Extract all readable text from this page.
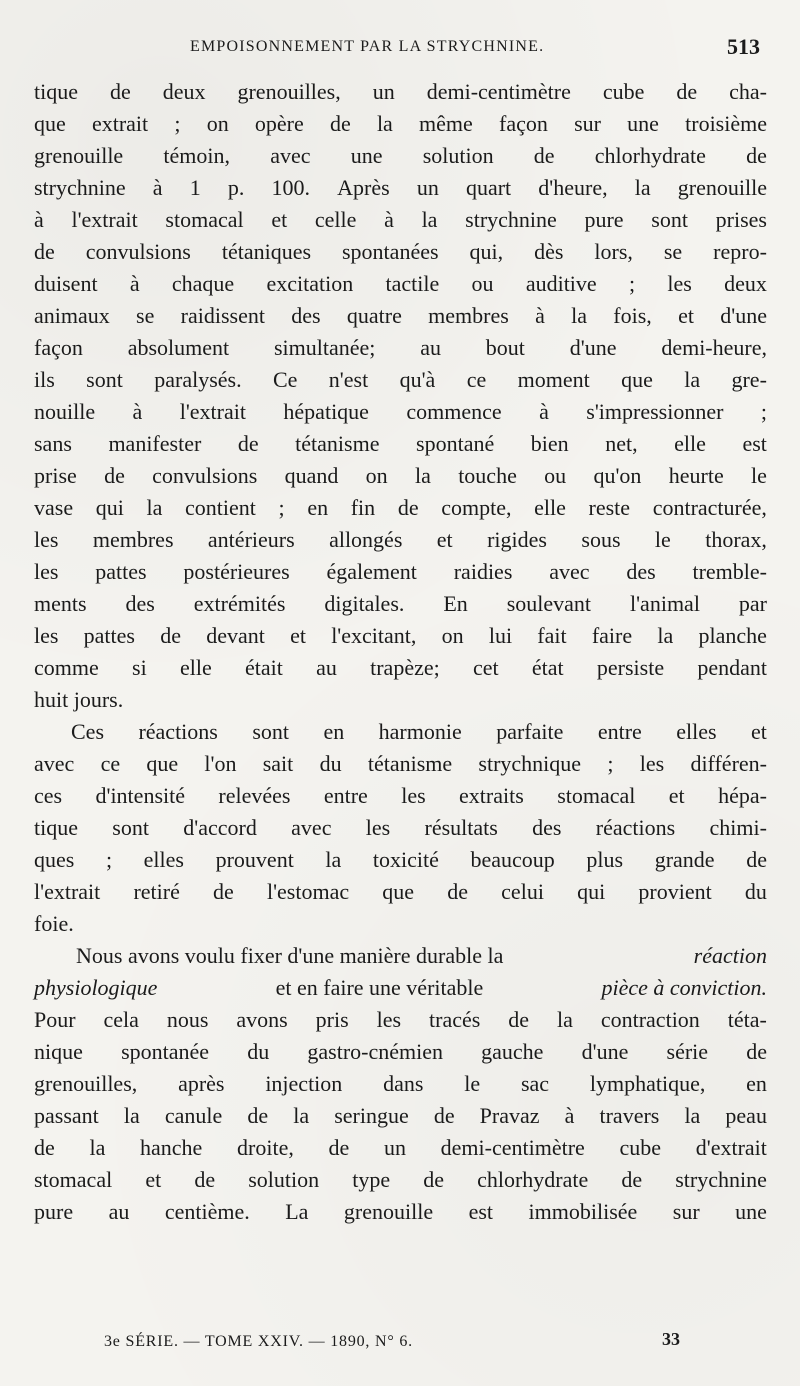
EMPOISONNEMENT PAR LA STRYCHNINE.	513
tique de deux grenouilles, un demi-centimètre cube de cha-
que extrait ; on opère de la même façon sur une troisième
grenouille témoin, avec une solution de chlorhydrate de
strychnine à 1 p. 100. Après un quart d'heure, la grenouille
à l'extrait stomacal et celle à la strychnine pure sont prises
de convulsions tétaniques spontanées qui, dès lors, se repro-
duisent à chaque excitation tactile ou auditive ; les deux
animaux se raidissent des quatre membres à la fois, et d'une
façon absolument simultanée; au bout d'une demi-heure,
ils sont paralysés. Ce n'est qu'à ce moment que la gre-
nouille à l'extrait hépatique commence à s'impressionner ;
sans manifester de tétanisme spontané bien net, elle est
prise de convulsions quand on la touche ou qu'on heurte le
vase qui la contient ; en fin de compte, elle reste contracturée,
les membres antérieurs allongés et rigides sous le thorax,
les pattes postérieures également raidies avec des tremble-
ments des extrémités digitales. En soulevant l'animal par
les pattes de devant et l'excitant, on lui fait faire la planche
comme si elle était au trapèze; cet état persiste pendant
huit jours.
Ces réactions sont en harmonie parfaite entre elles et
avec ce que l'on sait du tétanisme strychnique ; les différen-
ces d'intensité relevées entre les extraits stomacal et hépa-
tique sont d'accord avec les résultats des réactions chimi-
ques ; elles prouvent la toxicité beaucoup plus grande de
l'extrait retiré de l'estomac que de celui qui provient du
foie.
Nous avons voulu fixer d'une manière durable la	réaction
physiologique	et en faire une véritable	pièce à conviction.
Pour cela nous avons pris les tracés de la contraction téta-
nique spontanée du gastro-cnémien gauche d'une série de
grenouilles, après injection dans le sac lymphatique, en
passant la canule de la seringue de Pravaz à travers la peau
de la hanche droite, de un demi-centimètre cube d'extrait
stomacal et de solution type de chlorhydrate de strychnine
pure au centième. La grenouille est immobilisée sur une
3e SÉRIE. — TOME XXIV. — 1890, N° 6.	33
